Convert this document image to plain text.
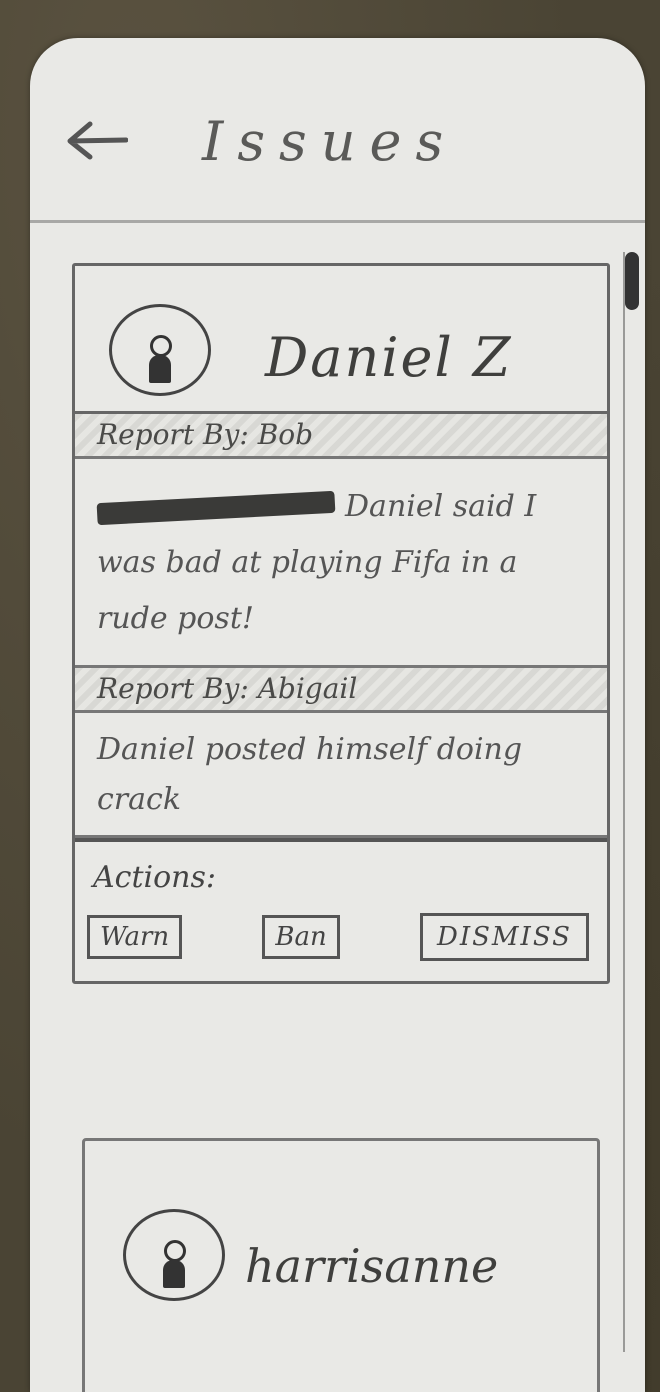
Issues
Daniel Z
Report By: Bob
Daniel said I was bad at playing Fifa in a rude post!
Report By: Abigail
Daniel posted himself doing crack
Actions:
Warn	Ban	DISMISS
harrisanne
